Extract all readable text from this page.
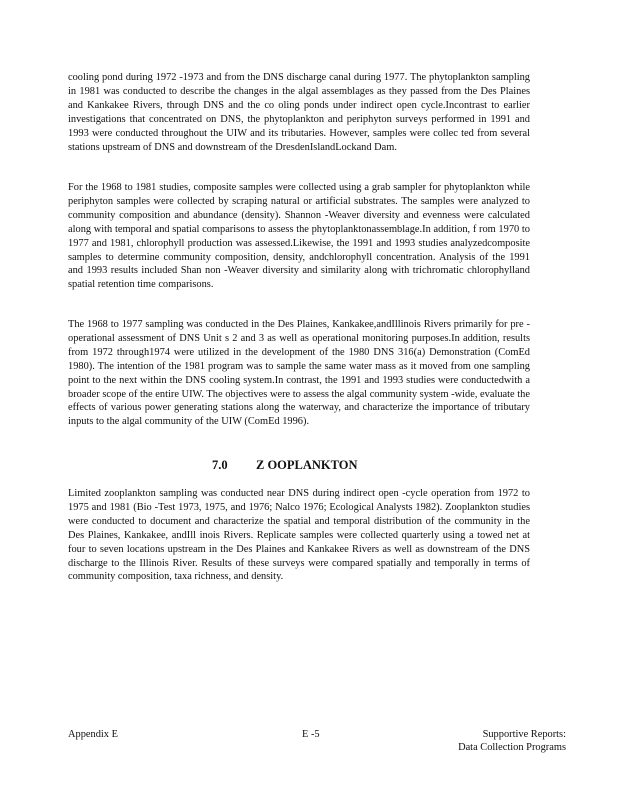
cooling pond during 1972 -1973 and from the DNS discharge canal during 1977. The phytoplankton sampling in 1981 was conducted to describe the changes in the algal assemblages as they passed from the Des Plaines and Kankakee Rivers, through DNS and the co oling ponds under indirect open cycle.Incontrast to earlier investigations that concentrated on DNS, the phytoplankton and periphyton surveys performed in 1991 and 1993 were conducted throughout the UIW and its tributaries. However, samples were collec ted from several stations upstream of DNS and downstream of the DresdenIslandLockand Dam.

For the 1968 to 1981 studies, composite samples were collected using a grab sampler for phytoplankton while periphyton samples were collected by scraping natural or artificial substrates. The samples were analyzed to community composition and abundance (density). Shannon -Weaver diversity and evenness were calculated along with temporal and spatial comparisons to assess the phytoplanktonassemblage.In addition, f rom 1970 to 1977 and 1981, chlorophyll production was assessed.Likewise, the 1991 and 1993 studies analyzedcomposite samples to determine community composition, density, andchlorophyll concentration. Analysis of the 1991 and 1993 results included Shan non -Weaver diversity and similarity along with trichromatic chlorophylland spatial retention time comparisons.

The 1968 to 1977 sampling was conducted in the Des Plaines, Kankakee,andIllinois Rivers primarily for pre -operational assessment of DNS Unit s 2 and 3 as well as operational monitoring purposes.In addition, results from 1972 through1974 were utilized in the development of the 1980 DNS 316(a) Demonstration (ComEd 1980). The intention of the 1981 program was to sample the same water mass as it moved from one sampling point to the next within the DNS cooling system.In contrast, the 1991 and 1993 studies were conductedwith a broader scope of the entire UIW. The objectives were to assess the algal community system -wide, evaluate the effects of various power generating stations along the waterway, and characterize the importance of tributary inputs to the algal community of the UIW (ComEd 1996).

7.0 Z OOPLANKTON

Limited zooplankton sampling was conducted near DNS during indirect open -cycle operation from 1972 to 1975 and 1981 (Bio -Test 1973, 1975, and 1976; Nalco 1976; Ecological Analysts 1982). Zooplankton studies were conducted to document and characterize the spatial and temporal distribution of the community in the Des Plaines, Kankakee, andIll inois Rivers. Replicate samples were collected quarterly using a towed net at four to seven locations upstream in the Des Plaines and Kankakee Rivers as well as downstream of the DNS discharge to the Illinois River. Results of these surveys were compared spatially and temporally in terms of community composition, taxa richness, and density.

Appendix E	E -5	Supportive Reports:
Data Collection Programs
